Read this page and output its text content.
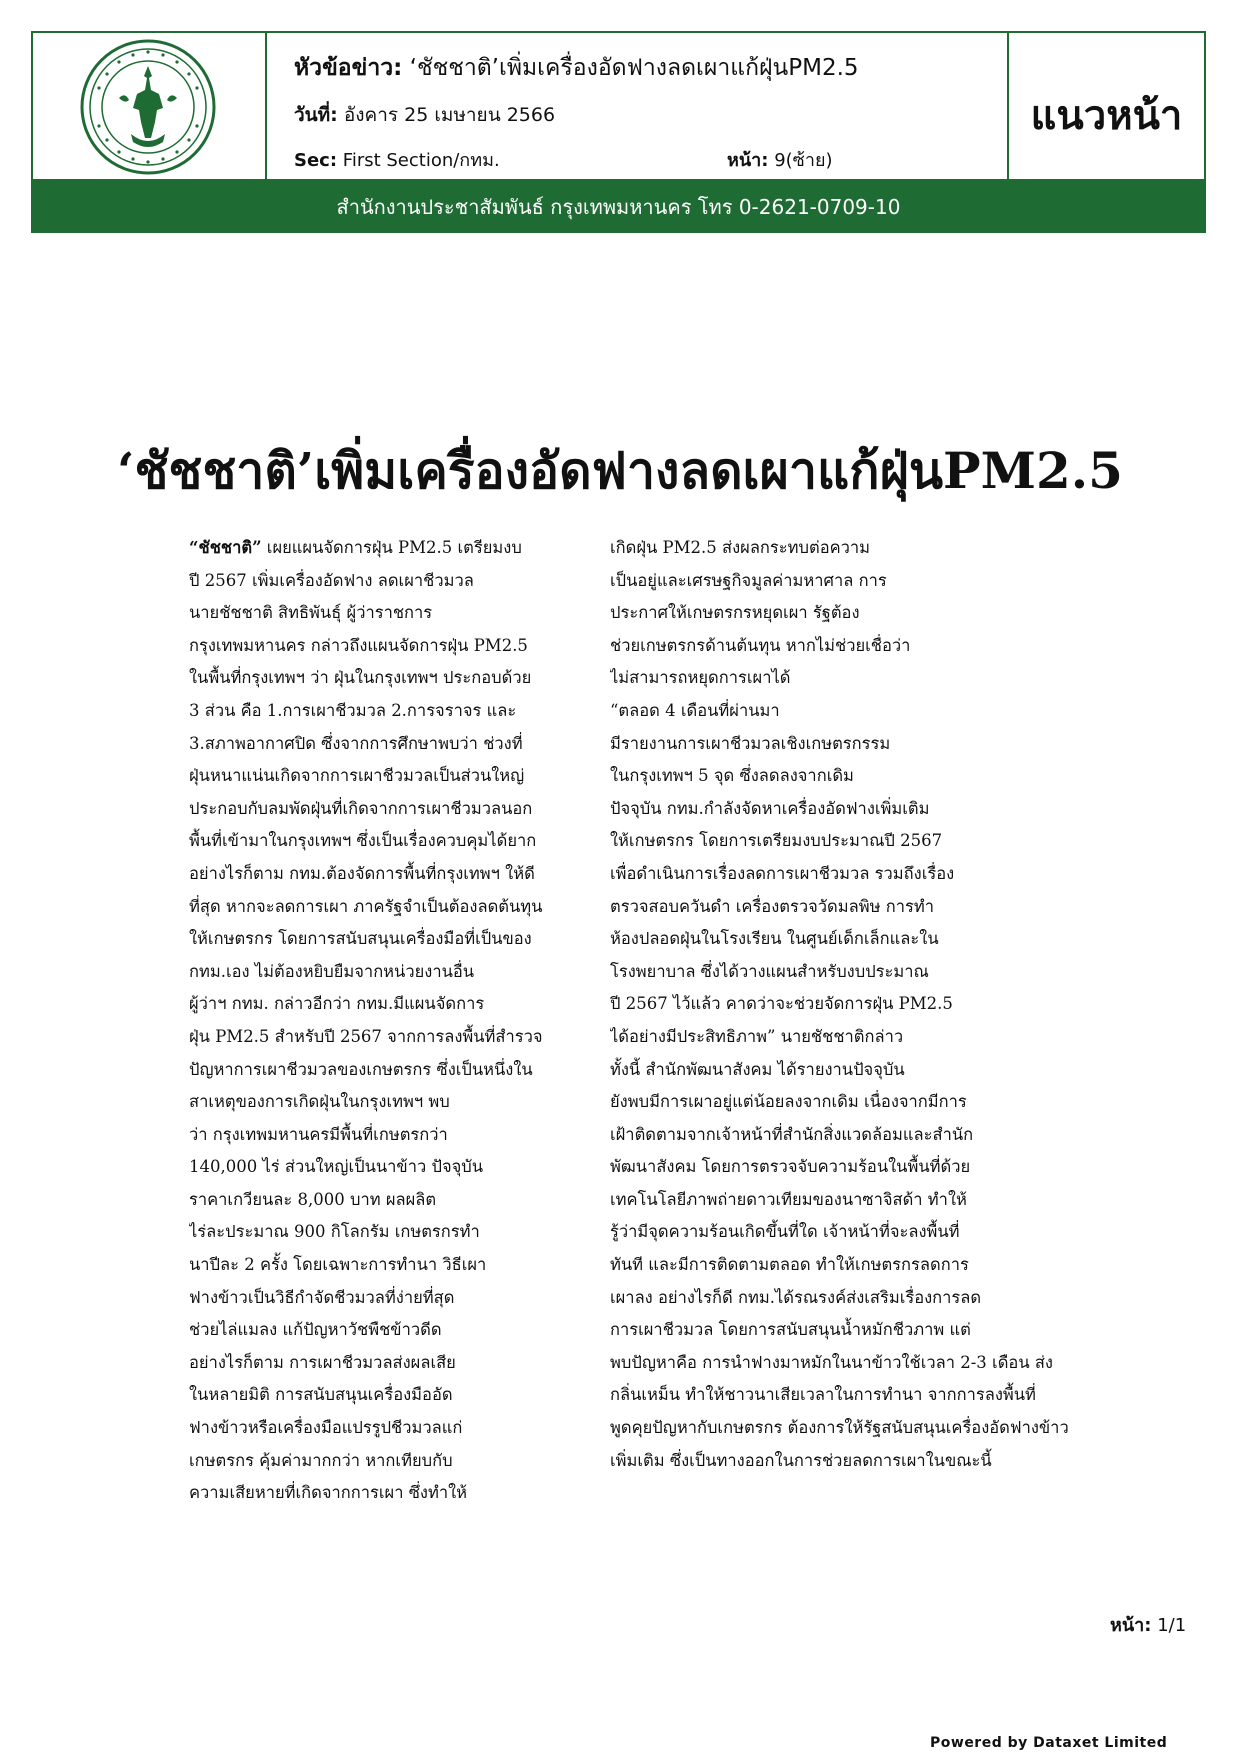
หัวข้อข่าว: ‘ชัชชาติ’เพิ่มเครื่องอัดฟางลดเผาแก้ฝุ่นPM2.5
วันที่: อังคาร 25 เมษายน 2566
Sec: First Section/กทม.	หน้า: 9(ซ้าย)
แนวหน้า
สำนักงานประชาสัมพันธ์ กรุงเทพมหานคร โทร 0-2621-0709-10
‘ชัชชาติ’เพิ่มเครื่องอัดฟางลดเผาแก้ฝุ่นPM2.5
“ชัชชาติ” เผยแผนจัดการฝุ่น PM2.5 เตรียมงบ
ปี 2567 เพิ่มเครื่องอัดฟาง ลดเผาชีวมวล
นายชัชชาติ สิทธิพันธุ์ ผู้ว่าราชการ
กรุงเทพมหานคร กล่าวถึงแผนจัดการฝุ่น PM2.5
ในพื้นที่กรุงเทพฯ ว่า ฝุ่นในกรุงเทพฯ ประกอบด้วย
3 ส่วน คือ 1.การเผาชีวมวล 2.การจราจร และ
3.สภาพอากาศปิด ซึ่งจากการศึกษาพบว่า ช่วงที่
ฝุ่นหนาแน่นเกิดจากการเผาชีวมวลเป็นส่วนใหญ่
ประกอบกับลมพัดฝุ่นที่เกิดจากการเผาชีวมวลนอก
พื้นที่เข้ามาในกรุงเทพฯ ซึ่งเป็นเรื่องควบคุมได้ยาก
อย่างไรก็ตาม กทม.ต้องจัดการพื้นที่กรุงเทพฯ ให้ดี
ที่สุด หากจะลดการเผา ภาครัฐจำเป็นต้องลดต้นทุน
ให้เกษตรกร โดยการสนับสนุนเครื่องมือที่เป็นของ
กทม.เอง ไม่ต้องหยิบยืมจากหน่วยงานอื่น
ผู้ว่าฯ กทม. กล่าวอีกว่า กทม.มีแผนจัดการ
ฝุ่น PM2.5 สำหรับปี 2567 จากการลงพื้นที่สำรวจ
ปัญหาการเผาชีวมวลของเกษตรกร ซึ่งเป็นหนึ่งใน
สาเหตุของการเกิดฝุ่นในกรุงเทพฯ พบ
ว่า กรุงเทพมหานครมีพื้นที่เกษตรกว่า
140,000 ไร่ ส่วนใหญ่เป็นนาข้าว ปัจจุบัน
ราคาเกวียนละ 8,000 บาท ผลผลิต
ไร่ละประมาณ 900 กิโลกรัม เกษตรกรทำ
นาปีละ 2 ครั้ง โดยเฉพาะการทำนา วิธีเผา
ฟางข้าวเป็นวิธีกำจัดชีวมวลที่ง่ายที่สุด
ช่วยไล่แมลง แก้ปัญหาวัชพืชข้าวดีด
อย่างไรก็ตาม การเผาชีวมวลส่งผลเสีย
ในหลายมิติ การสนับสนุนเครื่องมืออัด
ฟางข้าวหรือเครื่องมือแปรรูปชีวมวลแก่
เกษตรกร คุ้มค่ามากกว่า หากเทียบกับ
ความเสียหายที่เกิดจากการเผา ซึ่งทำให้
เกิดฝุ่น PM2.5 ส่งผลกระทบต่อความ
เป็นอยู่และเศรษฐกิจมูลค่ามหาศาล การ
ประกาศให้เกษตรกรหยุดเผา รัฐต้อง
ช่วยเกษตรกรด้านต้นทุน หากไม่ช่วยเชื่อว่า
ไม่สามารถหยุดการเผาได้
“ตลอด 4 เดือนที่ผ่านมา
มีรายงานการเผาชีวมวลเชิงเกษตรกรรม
ในกรุงเทพฯ 5 จุด ซึ่งลดลงจากเดิม
ปัจจุบัน กทม.กำลังจัดหาเครื่องอัดฟางเพิ่มเติม
ให้เกษตรกร โดยการเตรียมงบประมาณปี 2567
เพื่อดำเนินการเรื่องลดการเผาชีวมวล รวมถึงเรื่อง
ตรวจสอบควันดำ เครื่องตรวจวัดมลพิษ การทำ
ห้องปลอดฝุ่นในโรงเรียน ในศูนย์เด็กเล็กและใน
โรงพยาบาล ซึ่งได้วางแผนสำหรับงบประมาณ
ปี 2567 ไว้แล้ว คาดว่าจะช่วยจัดการฝุ่น PM2.5
ได้อย่างมีประสิทธิภาพ” นายชัชชาติกล่าว
ทั้งนี้ สำนักพัฒนาสังคม ได้รายงานปัจจุบัน
ยังพบมีการเผาอยู่แต่น้อยลงจากเดิม เนื่องจากมีการ
เฝ้าติดตามจากเจ้าหน้าที่สำนักสิ่งแวดล้อมและสำนัก
พัฒนาสังคม โดยการตรวจจับความร้อนในพื้นที่ด้วย
เทคโนโลยีภาพถ่ายดาวเทียมของนาซาจิสด้า ทำให้
รู้ว่ามีจุดความร้อนเกิดขึ้นที่ใด เจ้าหน้าที่จะลงพื้นที่
ทันที และมีการติดตามตลอด ทำให้เกษตรกรลดการ
เผาลง อย่างไรก็ดี กทม.ได้รณรงค์ส่งเสริมเรื่องการลด
การเผาชีวมวล โดยการสนับสนุนน้ำหมักชีวภาพ แต่
พบปัญหาคือ การนำฟางมาหมักในนาข้าวใช้เวลา 2-3 เดือน ส่ง
กลิ่นเหม็น ทำให้ชาวนาเสียเวลาในการทำนา จากการลงพื้นที่
พูดคุยปัญหากับเกษตรกร ต้องการให้รัฐสนับสนุนเครื่องอัดฟางข้าว
เพิ่มเติม ซึ่งเป็นทางออกในการช่วยลดการเผาในขณะนี้
หน้า: 1/1
Powered by Dataxet Limited
